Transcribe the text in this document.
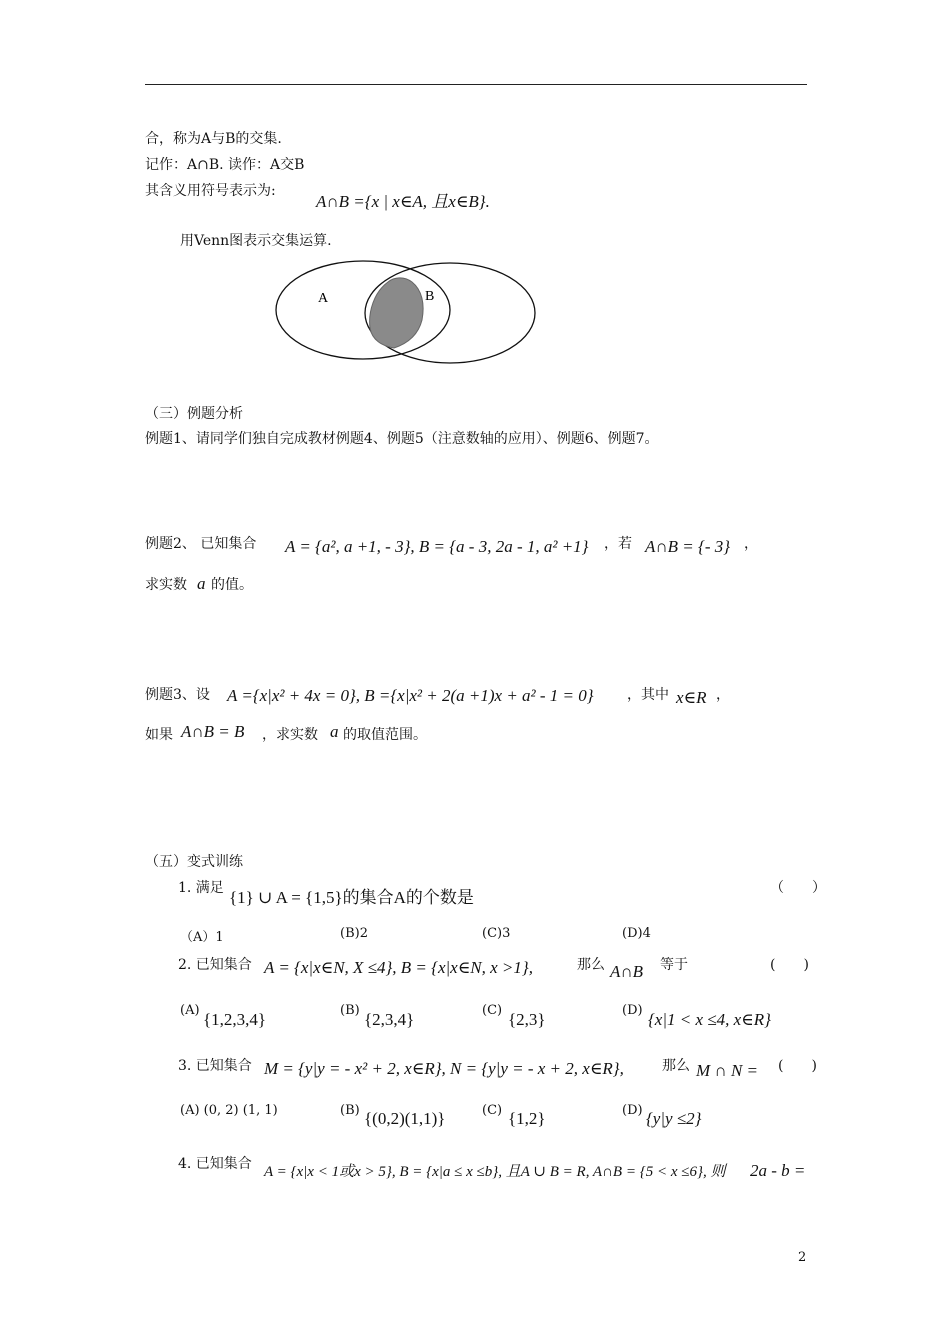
合，称为A与B的交集.
记作：A∩B. 读作：A交B
其含义用符号表示为:
A∩B ={x | x∈A, 且x∈B}.
用Venn图表示交集运算.
A	B
（三）例题分析
例题1、请同学们独自完成教材例题4、例题5（注意数轴的应用）、例题6、例题7。
例题2、 已知集合 A = {a², a +1, - 3}, B = {a - 3, 2a - 1, a² +1} ，若 A∩B = {- 3} ，
求实数 a 的值。
例题3、设 A ={x|x² + 4x = 0}, B ={x|x² + 2(a +1)x + a² - 1 = 0} ，其中 x∈R ，
如果 A∩B = B ，求实数 a 的取值范围。
（五）变式训练
1. 满足 {1} ∪ A = {1,5}的集合A的个数是	（　　）
（A）1	(B)2	(C)3	(D)4
2. 已知集合 A = {x|x∈N, X ≤4}, B = {x|x∈N, x >1},	那么 A∩B 等于	(　　)
(A) {1,2,3,4}	(B) {2,3,4}	(C) {2,3}	(D) {x|1 < x ≤4, x∈R}
3. 已知集合 M = {y|y = - x² + 2, x∈R}, N = {y|y = - x + 2, x∈R},	那么 M ∩ N = (　　)
(A) (0, 2) (1, 1)	(B) {(0,2)(1,1)}	(C) {1,2}	(D) {y|y ≤2}
4. 已知集合 A = {x|x < 1或x > 5}, B = {x|a ≤ x ≤b}, 且A ∪ B = R, A∩B = {5 < x ≤6}, 则 2a - b =
2
